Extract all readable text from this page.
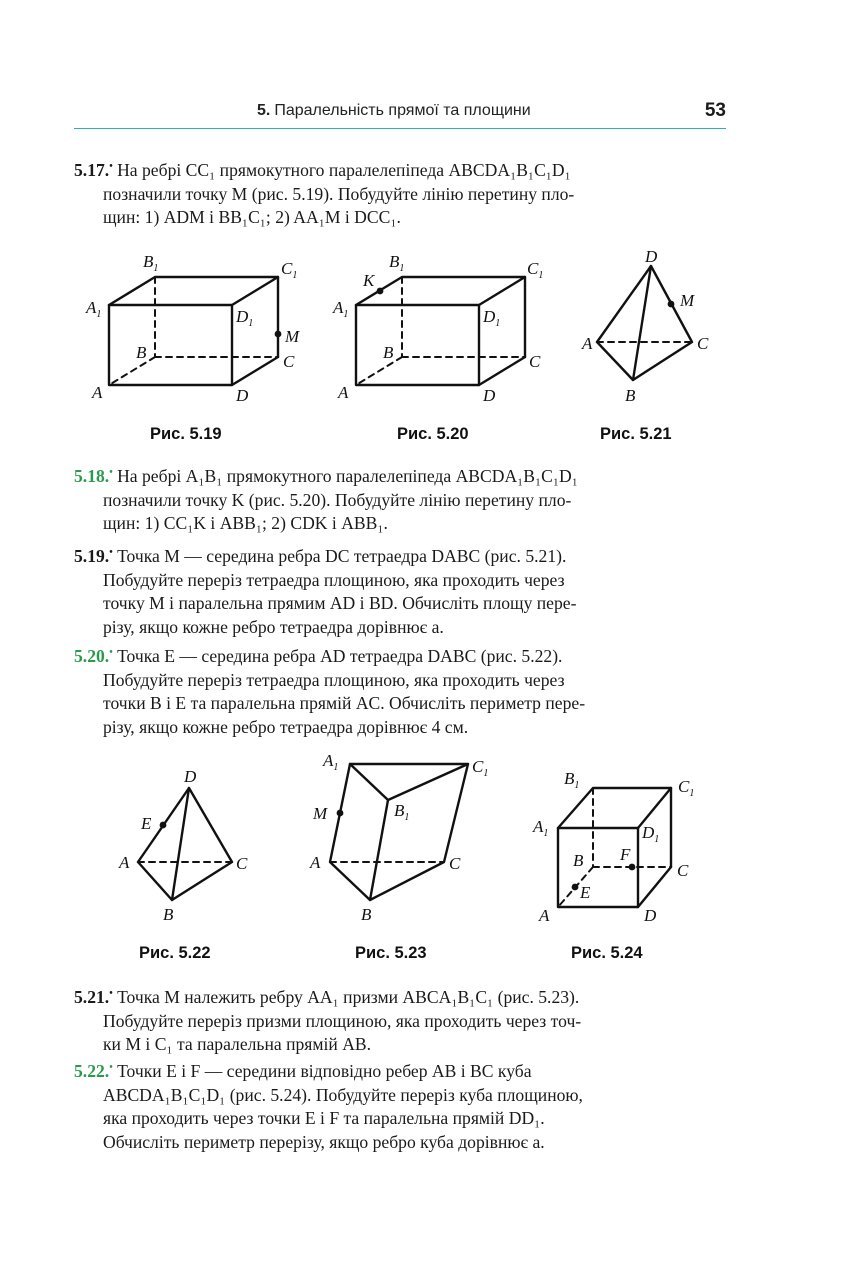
5. Паралельність прямої та площини	53
5.17.• На ребрі CC₁ прямокутного паралелепіпеда ABCDA₁B₁C₁D₁
позначили точку M (рис. 5.19). Побудуйте лінію перетину пло-
щин: 1) ADM і BB₁C₁; 2) AA₁M і DCC₁.
$B_1$	$C_1$
$A_1$	$D_1$
M
B	C
A	D
K
$B_1$	$C_1$
$A_1$	$D_1$
B	C
A	D
D
M
A	C
B
Рис. 5.19	Рис. 5.20	Рис. 5.21
5.18.• На ребрі A₁B₁ прямокутного паралелепіпеда ABCDA₁B₁C₁D₁
позначили точку K (рис. 5.20). Побудуйте лінію перетину пло-
щин: 1) CC₁K і ABB₁; 2) CDK і ABB₁.
5.19.• Точка M — середина ребра DC тетраедра DABC (рис. 5.21).
Побудуйте переріз тетраедра площиною, яка проходить через
точку M і паралельна прямим AD і BD. Обчисліть площу пере-
різу, якщо кожне ребро тетраедра дорівнює a.
5.20.• Точка E — середина ребра AD тетраедра DABC (рис. 5.22).
Побудуйте переріз тетраедра площиною, яка проходить через
точки B і E та паралельна прямій AC. Обчисліть периметр пере-
різу, якщо кожне ребро тетраедра дорівнює 4 см.
D
E
A	C
B
$A_1$	$C_1$
M	$B_1$
A	C
B
$B_1$	$C_1$
$A_1$	$D_1$
B F
C
E
A	D
Рис. 5.22	Рис. 5.23	Рис. 5.24
5.21.• Точка M належить ребру AA₁ призми ABCA₁B₁C₁ (рис. 5.23).
Побудуйте переріз призми площиною, яка проходить через точ-
ки M і C₁ та паралельна прямій AB.
5.22.• Точки E і F — середини відповідно ребер AB і BC куба
ABCDA₁B₁C₁D₁ (рис. 5.24). Побудуйте переріз куба площиною,
яка проходить через точки E і F та паралельна прямій DD₁.
Обчисліть периметр перерізу, якщо ребро куба дорівнює a.
